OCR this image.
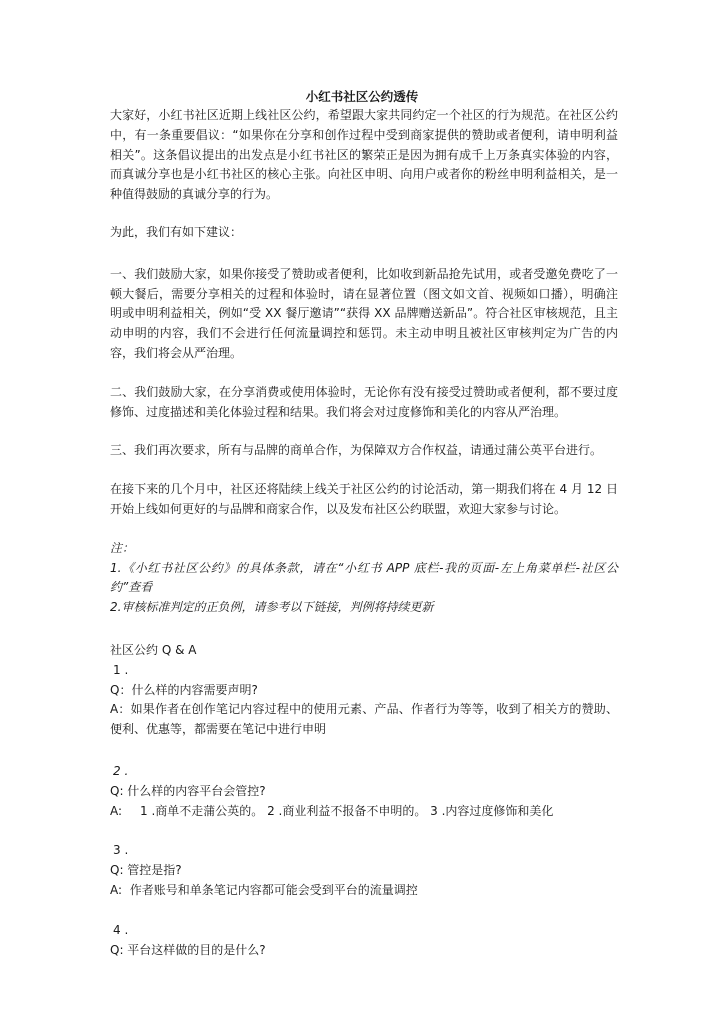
小红书社区公约透传

大家好，小红书社区近期上线社区公约，希望跟大家共同约定一个社区的行为规范。在社区公约中，有一条重要倡议：“如果你在分享和创作过程中受到商家提供的赞助或者便利，请申明利益相关”。这条倡议提出的出发点是小红书社区的繁荣正是因为拥有成千上万条真实体验的内容，而真诚分享也是小红书社区的核心主张。向社区申明、向用户或者你的粉丝申明利益相关，是一种值得鼓励的真诚分享的行为。

为此，我们有如下建议：

一、我们鼓励大家，如果你接受了赞助或者便利，比如收到新品抢先试用，或者受邀免费吃了一顿大餐后，需要分享相关的过程和体验时，请在显著位置（图文如文首、视频如口播），明确注明或申明利益相关，例如“受 XX 餐厅邀请”“获得 XX 品牌赠送新品”。符合社区审核规范，且主动申明的内容，我们不会进行任何流量调控和惩罚。未主动申明且被社区审核判定为广告的内容，我们将会从严治理。

二、我们鼓励大家，在分享消费或使用体验时，无论你有没有接受过赞助或者便利，都不要过度修饰、过度描述和美化体验过程和结果。我们将会对过度修饰和美化的内容从严治理。

三、我们再次要求，所有与品牌的商单合作，为保障双方合作权益，请通过蒲公英平台进行。

在接下来的几个月中，社区还将陆续上线关于社区公约的讨论活动，第一期我们将在 4 月 12 日开始上线如何更好的与品牌和商家合作，以及发布社区公约联盟，欢迎大家参与讨论。

注：

1.《小红书社区公约》的具体条款，请在“小红书 APP 底栏-我的页面-左上角菜单栏-社区公约”查看

2.审核标准判定的正负例，请参考以下链接，判例将持续更新

社区公约 Q & A

1 .

Q：什么样的内容需要声明?

A：如果作者在创作笔记内容过程中的使用元素、产品、作者行为等等，收到了相关方的赞助、便利、优惠等，都需要在笔记中进行申明

2 .

Q: 什么样的内容平台会管控?

A: 1 .商单不走蒲公英的。 2 .商业利益不报备不申明的。 3 .内容过度修饰和美化

3 .

Q: 管控是指?

A: 作者账号和单条笔记内容都可能会受到平台的流量调控

4 .

Q: 平台这样做的目的是什么?
